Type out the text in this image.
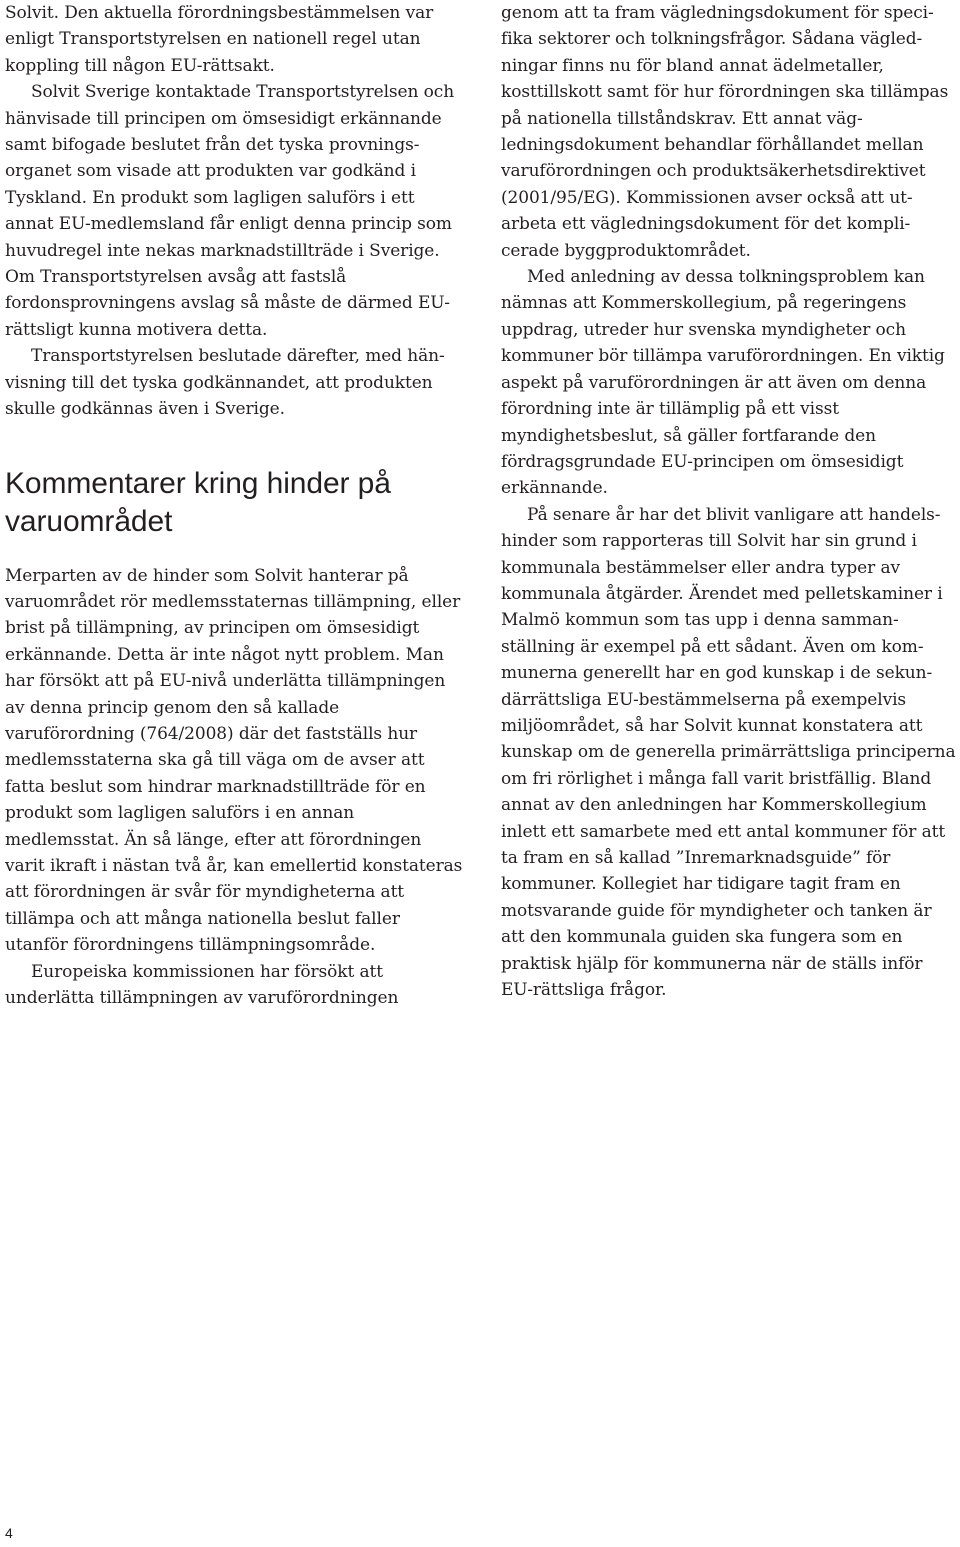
Solvit. Den aktuella förordningsbestämmelsen var enligt Transportstyrelsen en nationell regel utan koppling till någon EU-rättsakt.

Solvit Sverige kontaktade Transportstyrelsen och hänvisade till principen om ömsesidigt erkännande samt bifogade beslutet från det tyska provningsorganet som visade att produkten var godkänd i Tyskland. En produkt som lagligen saluförs i ett annat EU-medlemsland får enligt denna princip som huvudregel inte nekas marknadstillträde i Sverige. Om Transportstyrelsen avsåg att fastslå fordonsprovningens avslag så måste de därmed EU-rättsligt kunna motivera detta.

Transportstyrelsen beslutade därefter, med hänvisning till det tyska godkännandet, att produkten skulle godkännas även i Sverige.

Kommentarer kring hinder på varuområdet

Merparten av de hinder som Solvit hanterar på varuområdet rör medlemsstaternas tillämpning, eller brist på tillämpning, av principen om ömsesidigt erkännande. Detta är inte något nytt problem. Man har försökt att på EU-nivå underlätta tillämpningen av denna princip genom den så kallade varuförordning (764/2008) där det fastställs hur medlemsstaterna ska gå till väga om de avser att fatta beslut som hindrar marknadstillträde för en produkt som lagligen saluförs i en annan medlemsstat. Än så länge, efter att förordningen varit ikraft i nästan två år, kan emellertid konstateras att förordningen är svår för myndigheterna att tillämpa och att många nationella beslut faller utanför förordningens tillämpningsområde.

Europeiska kommissionen har försökt att underlätta tillämpningen av varuförordningen

genom att ta fram vägledningsdokument för specifika sektorer och tolkningsfrågor. Sådana vägledningar finns nu för bland annat ädelmetaller, kosttillskott samt för hur förordningen ska tillämpas på nationella tillståndskrav. Ett annat vägledningsdokument behandlar förhållandet mellan varuförordningen och produktsäkerhetsdirektivet (2001/95/EG). Kommissionen avser också att utarbeta ett vägledningsdokument för det komplicerade byggproduktområdet.

Med anledning av dessa tolkningsproblem kan nämnas att Kommerskollegium, på regeringens uppdrag, utreder hur svenska myndigheter och kommuner bör tillämpa varuförordningen. En viktig aspekt på varuförordningen är att även om denna förordning inte är tillämplig på ett visst myndighetsbeslut, så gäller fortfarande den fördragsgrundade EU-principen om ömsesidigt erkännande.

På senare år har det blivit vanligare att handelshinder som rapporteras till Solvit har sin grund i kommunala bestämmelser eller andra typer av kommunala åtgärder. Ärendet med pelletskaminer i Malmö kommun som tas upp i denna sammanställning är exempel på ett sådant. Även om kommunerna generellt har en god kunskap i de sekundärrättsliga EU-bestämmelserna på exempelvis miljöområdet, så har Solvit kunnat konstatera att kunskap om de generella primärrättsliga principerna om fri rörlighet i många fall varit bristfällig. Bland annat av den anledningen har Kommerskollegium inlett ett samarbete med ett antal kommuner för att ta fram en så kallad ”Inremarknadsguide” för kommuner. Kollegiet har tidigare tagit fram en motsvarande guide för myndigheter och tanken är att den kommunala guiden ska fungera som en praktisk hjälp för kommunerna när de ställs inför EU-rättsliga frågor.

4
